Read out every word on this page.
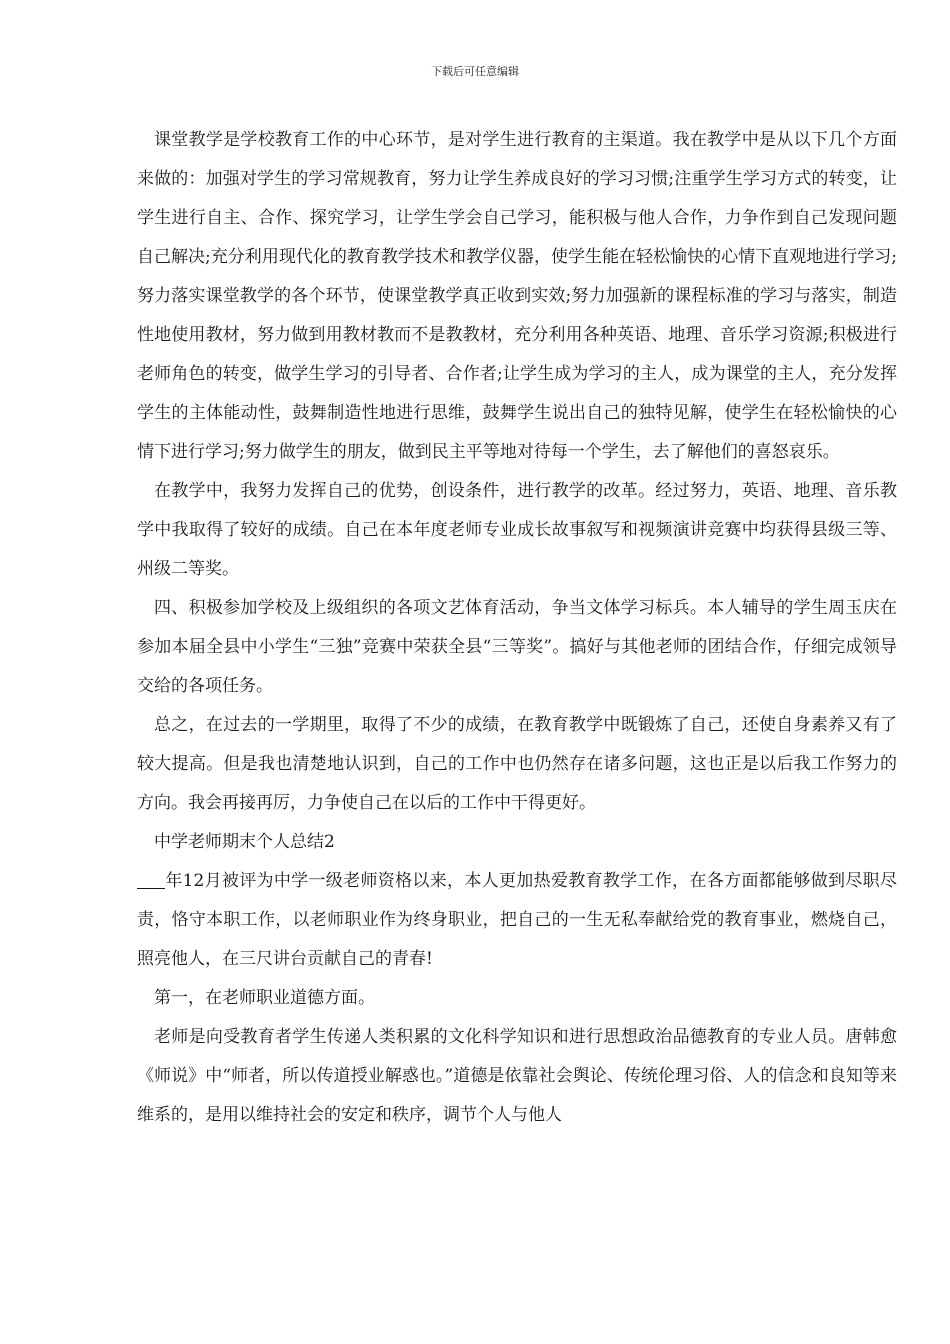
下载后可任意编辑

课堂教学是学校教育工作的中心环节，是对学生进行教育的主渠道。我在教学中是从以下几个方面来做的：加强对学生的学习常规教育，努力让学生养成良好的学习习惯;注重学生学习方式的转变，让学生进行自主、合作、探究学习，让学生学会自己学习，能积极与他人合作，力争作到自己发现问题自己解决;充分利用现代化的教育教学技术和教学仪器，使学生能在轻松愉快的心情下直观地进行学习;努力落实课堂教学的各个环节，使课堂教学真正收到实效;努力加强新的课程标准的学习与落实，制造性地使用教材，努力做到用教材教而不是教教材，充分利用各种英语、地理、音乐学习资源;积极进行老师角色的转变，做学生学习的引导者、合作者;让学生成为学习的主人，成为课堂的主人，充分发挥学生的主体能动性，鼓舞制造性地进行思维，鼓舞学生说出自己的独特见解，使学生在轻松愉快的心情下进行学习;努力做学生的朋友，做到民主平等地对待每一个学生，去了解他们的喜怒哀乐。

在教学中，我努力发挥自己的优势，创设条件，进行教学的改革。经过努力，英语、地理、音乐教学中我取得了较好的成绩。自己在本年度老师专业成长故事叙写和视频演讲竞赛中均获得县级三等、州级二等奖。

四、积极参加学校及上级组织的各项文艺体育活动，争当文体学习标兵。本人辅导的学生周玉庆在参加本届全县中小学生“三独”竞赛中荣获全县“三等奖”。搞好与其他老师的团结合作，仔细完成领导交给的各项任务。

总之，在过去的一学期里，取得了不少的成绩，在教育教学中既锻炼了自己，还使自身素养又有了较大提高。但是我也清楚地认识到，自己的工作中也仍然存在诸多问题，这也正是以后我工作努力的方向。我会再接再厉，力争使自己在以后的工作中干得更好。

中学老师期末个人总结2

年12月被评为中学一级老师资格以来，本人更加热爱教育教学工作，在各方面都能够做到尽职尽责，恪守本职工作，以老师职业作为终身职业，把自己的一生无私奉献给党的教育事业，燃烧自己，照亮他人，在三尺讲台贡献自己的青春!

第一，在老师职业道德方面。

老师是向受教育者学生传递人类积累的文化科学知识和进行思想政治品德教育的专业人员。唐韩愈《师说》中“师者，所以传道授业解惑也。”道德是依靠社会舆论、传统伦理习俗、人的信念和良知等来维系的，是用以维持社会的安定和秩序，调节个人与他人
